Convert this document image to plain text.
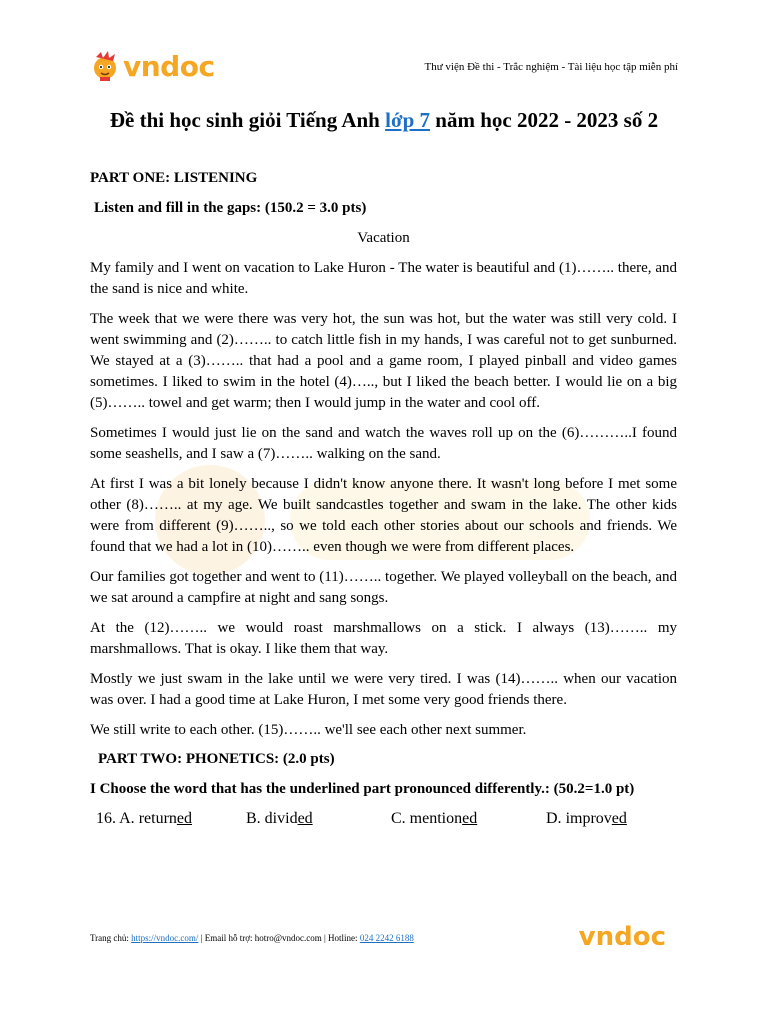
vndoc	Thư viện Đề thi - Trắc nghiệm - Tài liệu học tập miễn phí
Đề thi học sinh giỏi Tiếng Anh lớp 7 năm học 2022 - 2023 số 2

PART ONE: LISTENING

Listen and fill in the gaps: (150.2 = 3.0 pts)

Vacation

My family and I went on vacation to Lake Huron - The water is beautiful and (1)…….. there, and the sand is nice and white.

The week that we were there was very hot, the sun was hot, but the water was still very cold. I went swimming and (2)…….. to catch little fish in my hands, I was careful not to get sunburned. We stayed at a (3)…….. that had a pool and a game room, I played pinball and video games sometimes. I liked to swim in the hotel (4)….., but I liked the beach better. I would lie on a big (5)…….. towel and get warm; then I would jump in the water and cool off.

Sometimes I would just lie on the sand and watch the waves roll up on the (6)………..I found some seashells, and I saw a (7)…….. walking on the sand.

At first I was a bit lonely because I didn't know anyone there. It wasn't long before I met some other (8)…….. at my age. We built sandcastles together and swam in the lake. The other kids were from different (9)…….., so we told each other stories about our schools and friends. We found that we had a lot in (10)…….. even though we were from different places.

Our families got together and went to (11)…….. together. We played volleyball on the beach, and we sat around a campfire at night and sang songs.

At the (12)…….. we would roast marshmallows on a stick. I always (13)…….. my marshmallows. That is okay. I like them that way.

Mostly we just swam in the lake until we were very tired. I was (14)…….. when our vacation was over. I had a good time at Lake Huron, I met some very good friends there.

We still write to each other. (15)…….. we'll see each other next summer.

PART TWO: PHONETICS: (2.0 pts)

I Choose the word that has the underlined part pronounced differently.: (50.2=1.0 pt)

16. A. returned	B. divided	C. mentioned	D. improved
Trang chủ: https://vndoc.com/ | Email hỗ trợ: hotro@vndoc.com | Hotline: 024 2242 6188	vndoc
